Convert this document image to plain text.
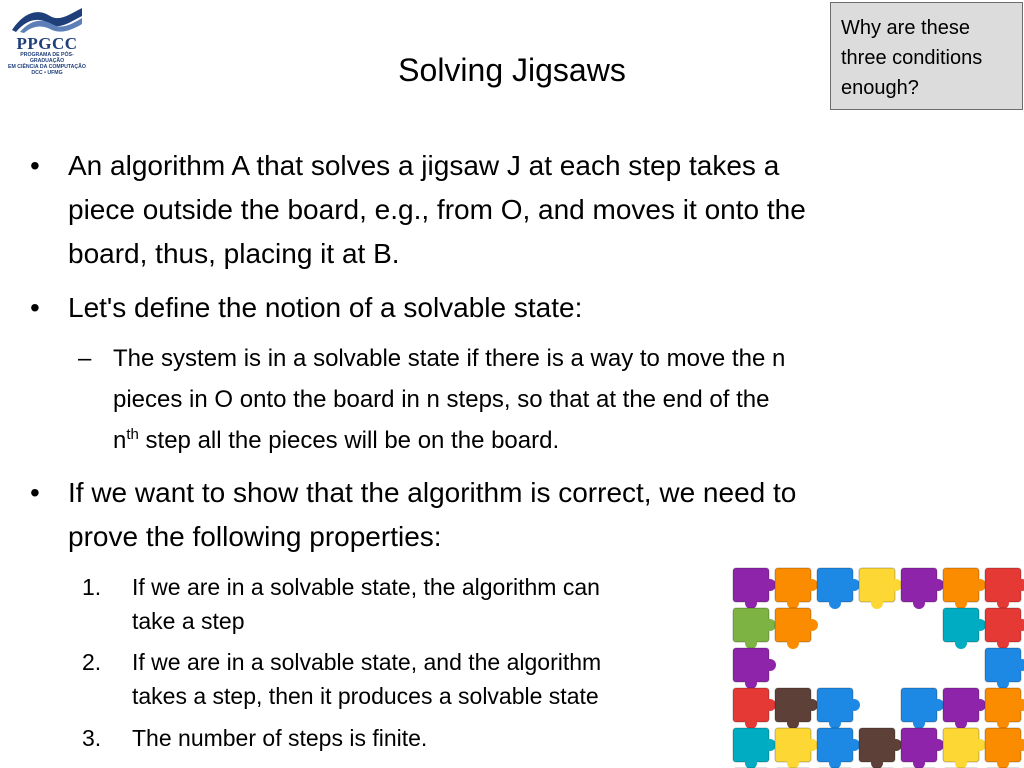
PPGCC
PROGRAMA DE PÓS-GRADUAÇÃO
EM CIÊNCIA DA COMPUTAÇÃO
DCC • UFMG	Solving Jigsaws
Why are these
three conditions
enough?
• An algorithm A that solves a jigsaw J at each step takes a
piece outside the board, e.g., from O, and moves it onto the
board, thus, placing it at B.
• Let's define the notion of a solvable state:
– The system is in a solvable state if there is a way to move the n
pieces in O onto the board in n steps, so that at the end of the
$n^{th}$ step all the pieces will be on the board.
• If we want to show that the algorithm is correct, we need to
prove the following properties:
1. If we are in a solvable state, the algorithm can
take a step
2. If we are in a solvable state, and the algorithm
takes a step, then it produces a solvable state
3. The number of steps is finite.
